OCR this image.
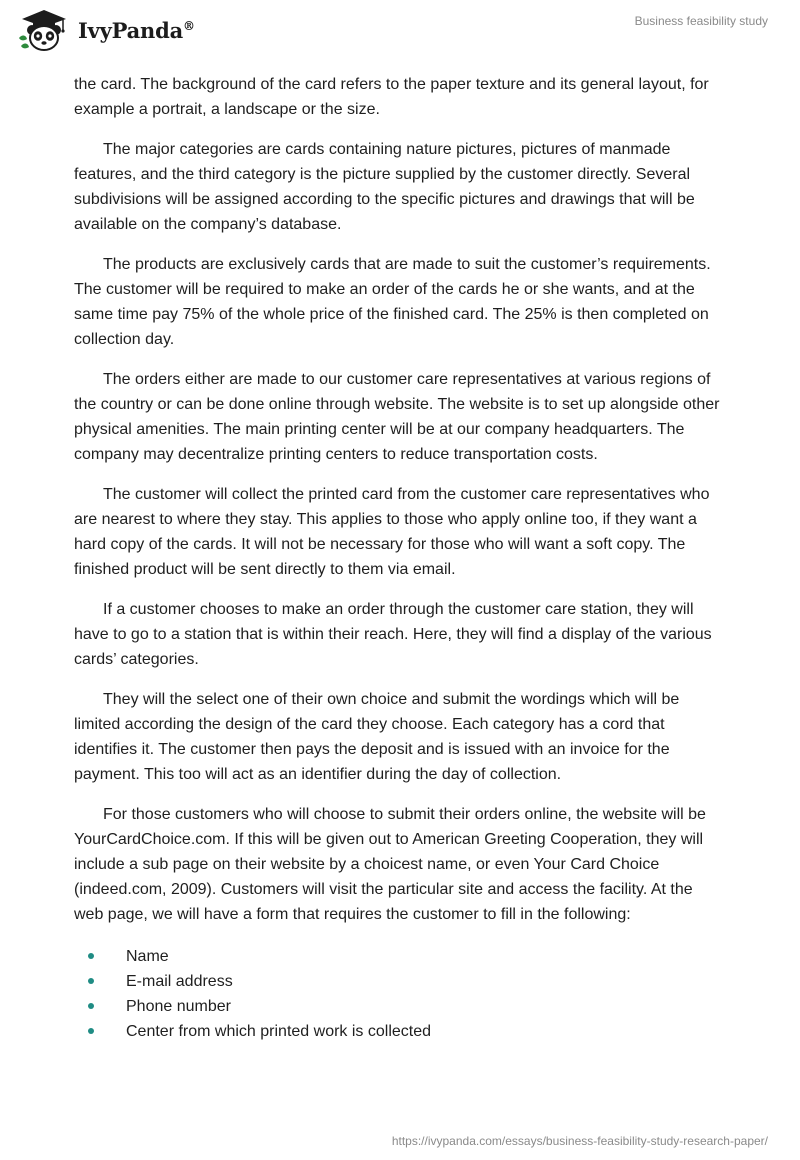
IvyPanda®	Business feasibility study

the card. The background of the card refers to the paper texture and its general layout, for example a portrait, a landscape or the size.

The major categories are cards containing nature pictures, pictures of manmade features, and the third category is the picture supplied by the customer directly. Several subdivisions will be assigned according to the specific pictures and drawings that will be available on the company’s database.

The products are exclusively cards that are made to suit the customer’s requirements. The customer will be required to make an order of the cards he or she wants, and at the same time pay 75% of the whole price of the finished card. The 25% is then completed on collection day.

The orders either are made to our customer care representatives at various regions of the country or can be done online through website. The website is to set up alongside other physical amenities. The main printing center will be at our company headquarters. The company may decentralize printing centers to reduce transportation costs.

The customer will collect the printed card from the customer care representatives who are nearest to where they stay. This applies to those who apply online too, if they want a hard copy of the cards. It will not be necessary for those who will want a soft copy. The finished product will be sent directly to them via email.

If a customer chooses to make an order through the customer care station, they will have to go to a station that is within their reach. Here, they will find a display of the various cards’ categories.

They will the select one of their own choice and submit the wordings which will be limited according the design of the card they choose. Each category has a cord that identifies it. The customer then pays the deposit and is issued with an invoice for the payment. This too will act as an identifier during the day of collection.

For those customers who will choose to submit their orders online, the website will be YourCardChoice.com. If this will be given out to American Greeting Cooperation, they will include a sub page on their website by a choicest name, or even Your Card Choice (indeed.com, 2009). Customers will visit the particular site and access the facility. At the web page, we will have a form that requires the customer to fill in the following:

Name
E-mail address
Phone number
Center from which printed work is collected
https://ivypanda.com/essays/business-feasibility-study-research-paper/
